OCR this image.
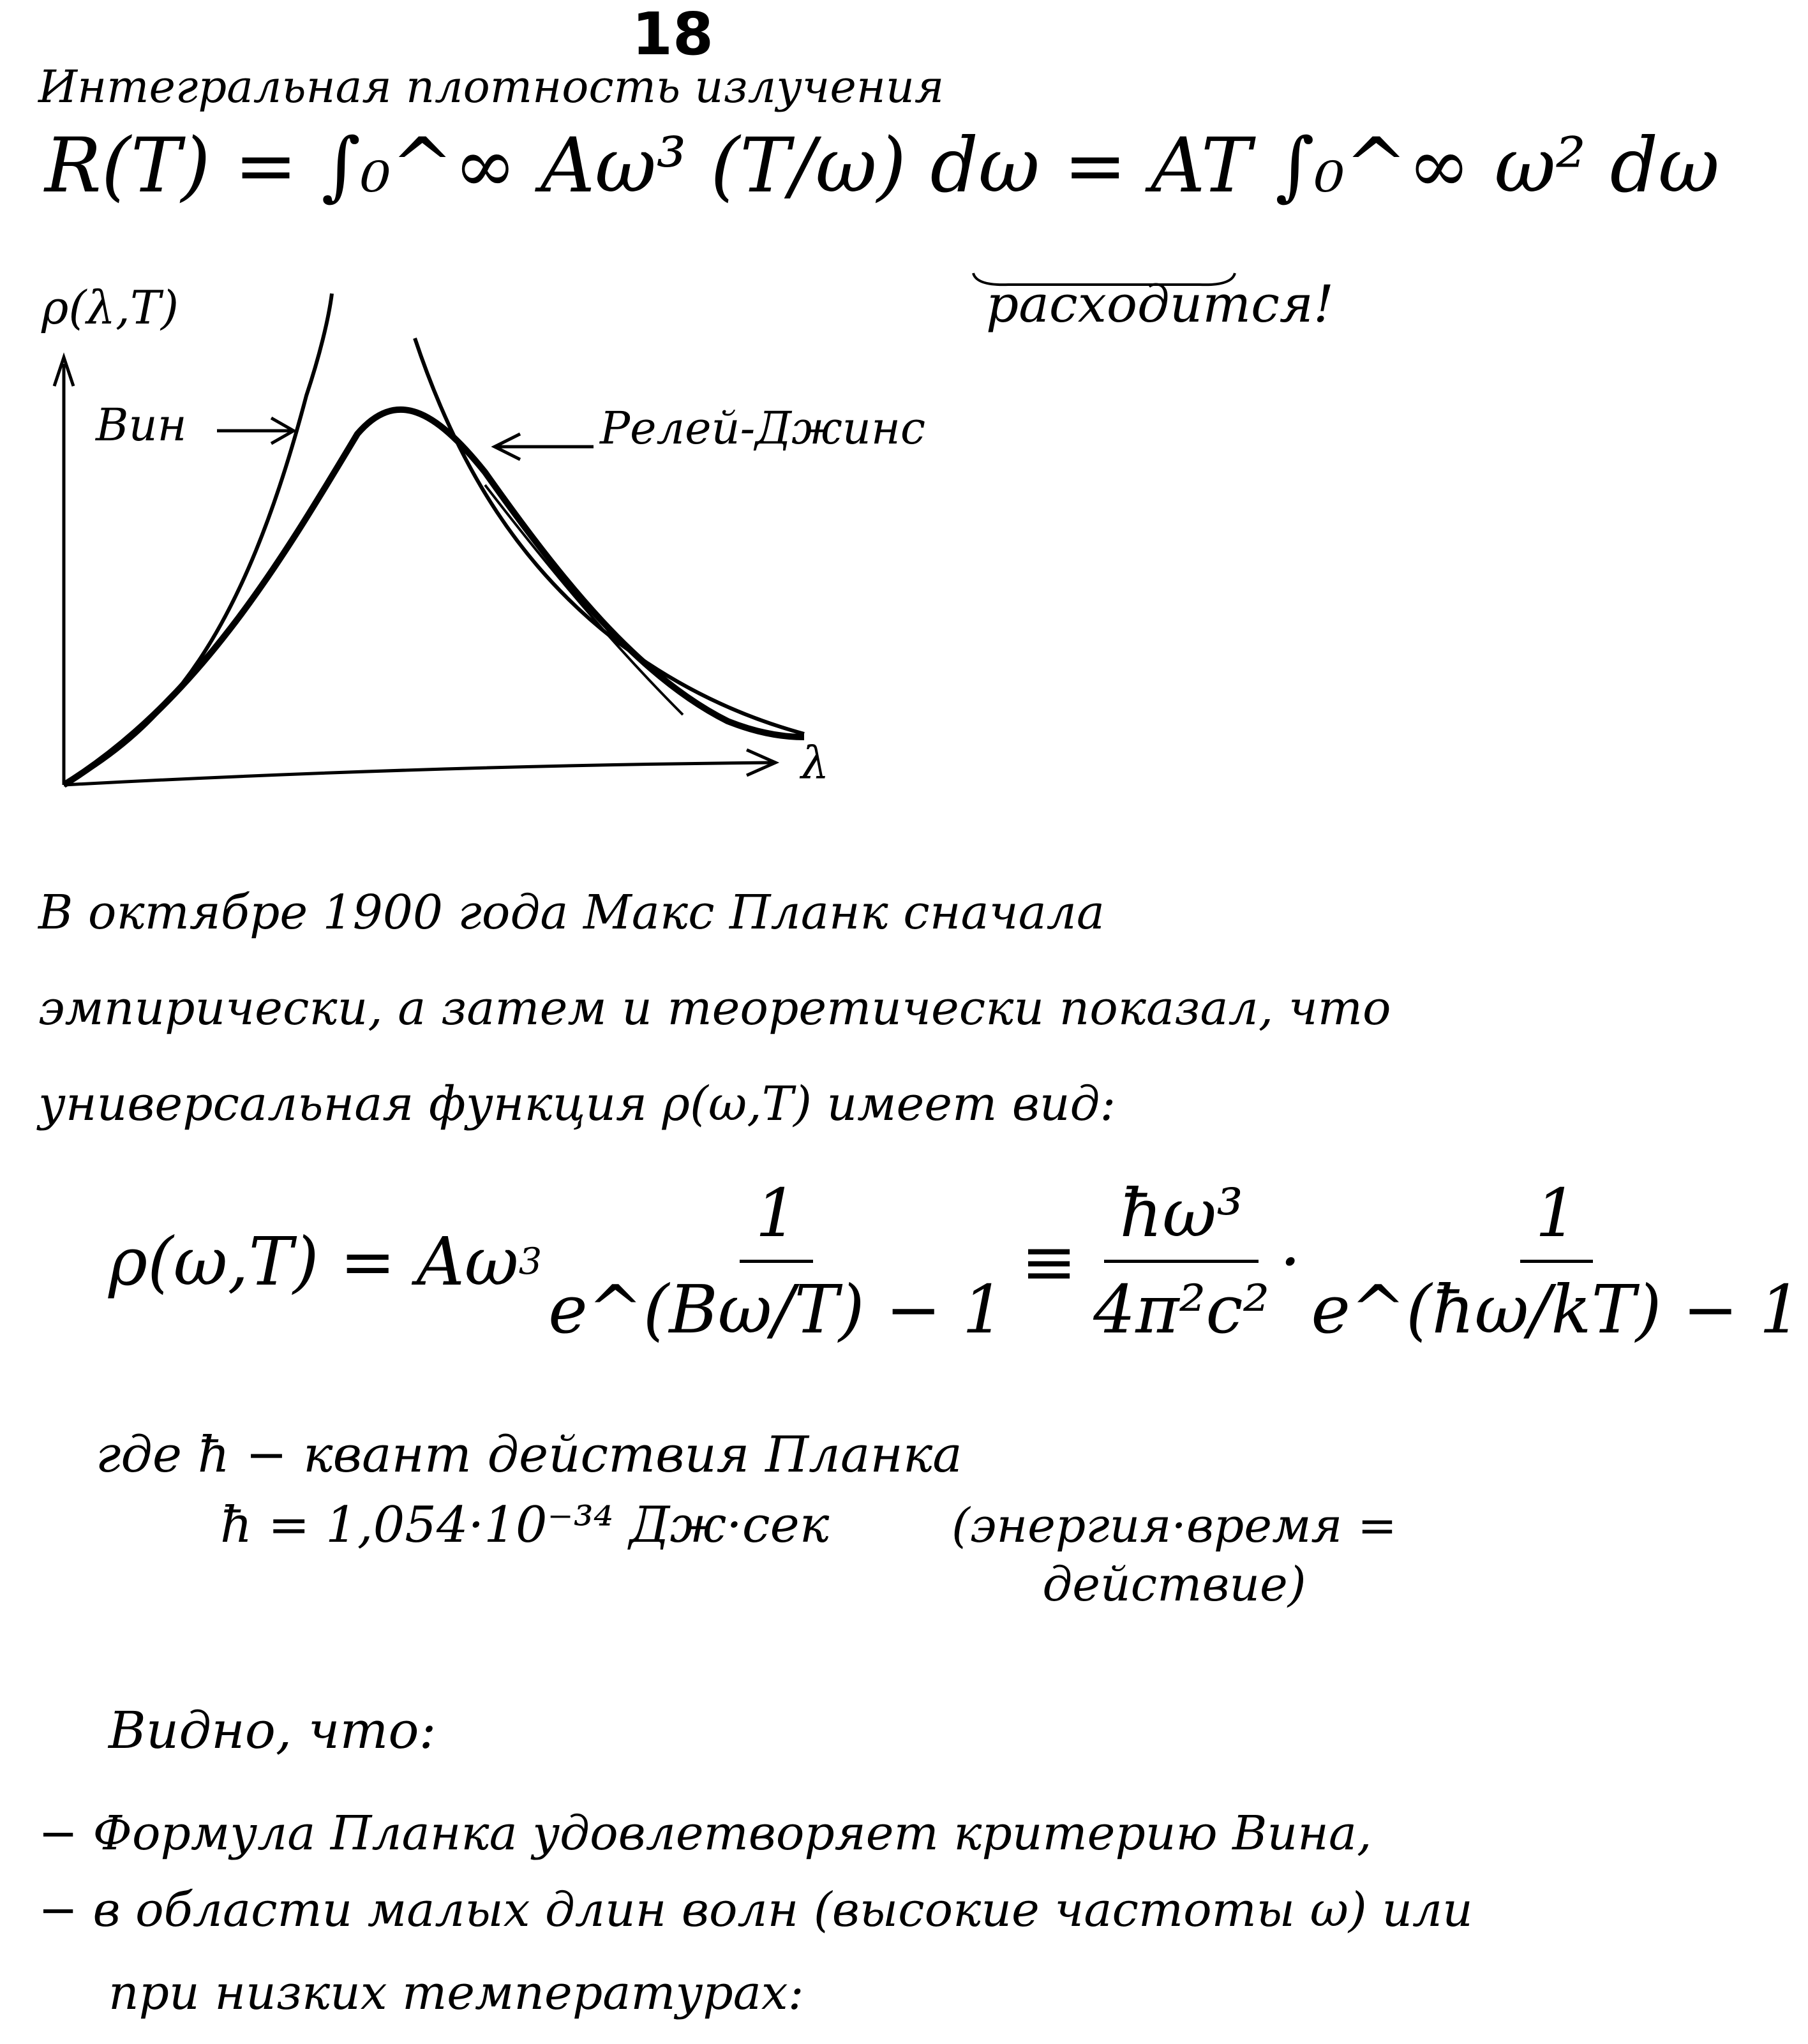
18
Интегральная плотность излучения
R(T) = ∫₀^∞ Aω³ (T/ω) dω = AT ∫₀^∞ ω² dω
расходится!
ρ(λ,T)
Вин	Релей-Джинс
λ
В октябре 1900 года Макс Планк сначала эмпирически, а затем и теоретически показал, что универсальная функция ρ(ω,T) имеет вид:
ρ(ω,T) = Aω $3 \frac{1}{e\^{}(B\omega/T) - 1} \equiv \frac{\text{ħω³}}{\text{4π²c²}} \cdot \frac{1}{e\^{}(ħ\omega/kT) - 1}$
где ħ − квант действия Планка
ħ = 1,054·10⁻³⁴ Дж·сек	(энергия·время = действие)
Видно, что:
− Формула Планка удовлетворяет критерию Вина,
− в области малых длин волн (высокие частоты ω) или
при низких температурах:
